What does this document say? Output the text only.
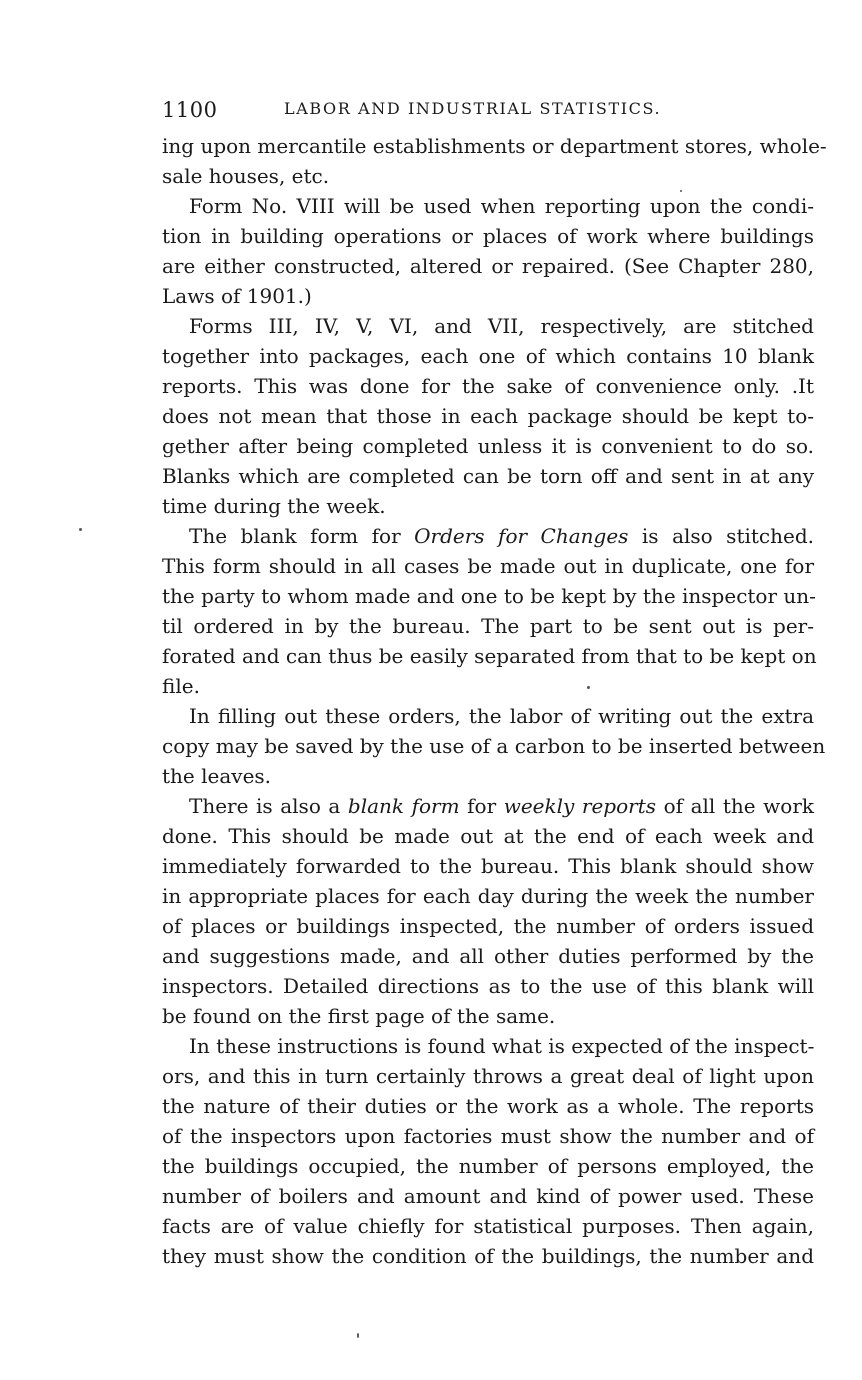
1100	LABOR AND INDUSTRIAL STATISTICS.
ing upon mercantile establishments or department stores, whole-
sale houses, etc.
Form No. VIII will be used when reporting upon the condi-
tion in building operations or places of work where buildings
are either constructed, altered or repaired. (See Chapter 280,
Laws of 1901.)
Forms III, IV, V, VI, and VII, respectively, are stitched
together into packages, each one of which contains 10 blank
reports. This was done for the sake of convenience only. .It
does not mean that those in each package should be kept to-
gether after being completed unless it is convenient to do so.
Blanks which are completed can be torn off and sent in at any
time during the week.
The blank form for Orders for Changes is also stitched.
This form should in all cases be made out in duplicate, one for
the party to whom made and one to be kept by the inspector un-
til ordered in by the bureau. The part to be sent out is per-
forated and can thus be easily separated from that to be kept on
file.
In filling out these orders, the labor of writing out the extra
copy may be saved by the use of a carbon to be inserted between
the leaves.
There is also a blank form for weekly reports of all the work
done. This should be made out at the end of each week and
immediately forwarded to the bureau. This blank should show
in appropriate places for each day during the week the number
of places or buildings inspected, the number of orders issued
and suggestions made, and all other duties performed by the
inspectors. Detailed directions as to the use of this blank will
be found on the first page of the same.
In these instructions is found what is expected of the inspect-
ors, and this in turn certainly throws a great deal of light upon
the nature of their duties or the work as a whole. The reports
of the inspectors upon factories must show the number and of
the buildings occupied, the number of persons employed, the
number of boilers and amount and kind of power used. These
facts are of value chiefly for statistical purposes. Then again,
they must show the condition of the buildings, the number and
